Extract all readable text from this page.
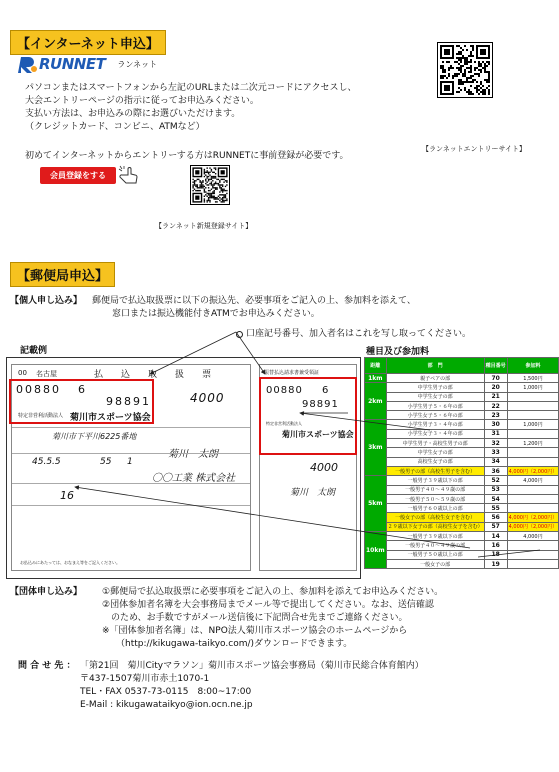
【インターネット申込】
RUNNET ランネット
パソコンまたはスマートフォンから左記のURLまたは二次元コードにアクセスし、
大会エントリーページの指示に従ってお申込みください。
支払い方法は、お申込みの際にお選びいただけます。
（クレジットカード、コンビニ、ATMなど）
【ランネットエントリーサイト】
初めてインターネットからエントリーする方はRUNNETに事前登録が必要です。
会員登録をする
【ランネット新規登録サイト】
【郵便局申込】
【個人申し込み】 郵便局で払込取扱票に以下の振込先、必要事項をご記入の上、参加料を添えて、
窓口または振込機能付きATMでお申込みください。
口座記号番号、加入者名はこれを写し取ってください。
記載例	種目及び参加料
00 名古屋	払 込 取 扱 票
00880 6
98891	4000
特定非営利活動法人 菊川市スポーツ協会
菊川市下平川6225番地
菊川　太朗
45.5.5	55 1
〇〇工業 株式会社
16
お払込みにあたっては、おなまえ等をご記入ください。
振替払込請求書兼受領証
00880 6
98891
特定非営利活動法人
菊川市スポーツ協会
4000
菊川　太朗
距離	部　門	種目番号	参加料
1km	親子ペアの部	70	1,500円
2km	中学生男子の部	20	1,000円
	中学生女子の部	21	
	小学生男子５・６年の部	22	
	小学生女子５・６年の部	23	
3km	小学生男子３・４年の部	30	1,000円
	小学生女子３・４年の部	31	
	中学生男子・高校生男子の部	32	1,200円
	中学生女子の部	33	
	高校生女子の部	34	
	一般男子の部（高校生男子を含む）	36	4,000円（2,000円）
5km	一般男子３９歳以下の部	52	4,000円
	一般男子４０～４９歳の部	53	
	一般男子５０～５９歳の部	54	
	一般男子６０歳以上の部	55	
	一般女子の部（高校生女子を含む）	56	4,000円（2,000円）
	２９歳以下女子の部（高校生女子を含む）	57	4,000円（2,000円）
10km	一般男子３９歳以下の部	14	4,000円
	一般男子４０～４９歳の部	16	
	一般男子５０歳以上の部	18	
	一般女子の部	19	
【団体申し込み】 ①郵便局で払込取扱票に必要事項をご記入の上、参加料を添えてお申込みください。
②団体参加者名簿を大会事務局までメール等で提出してください。なお、送信確認
　のため、お手数ですがメール送信後に下記問合せ先までご連絡ください。
※「団体参加者名簿」は、NPO法人菊川市スポーツ協会のホームページから
（http://kikugawa-taikyo.com/)ダウンロードできます。
問 合 せ 先 ： 「第21回　菊川Cityマラソン」菊川市スポーツ協会事務局（菊川市民総合体育館内）
〒437-1507菊川市赤土1070-1
TEL・FAX 0537-73-0115　8:00~17:00
E-Mail : kikugawataikyo@ion.ocn.ne.jp
